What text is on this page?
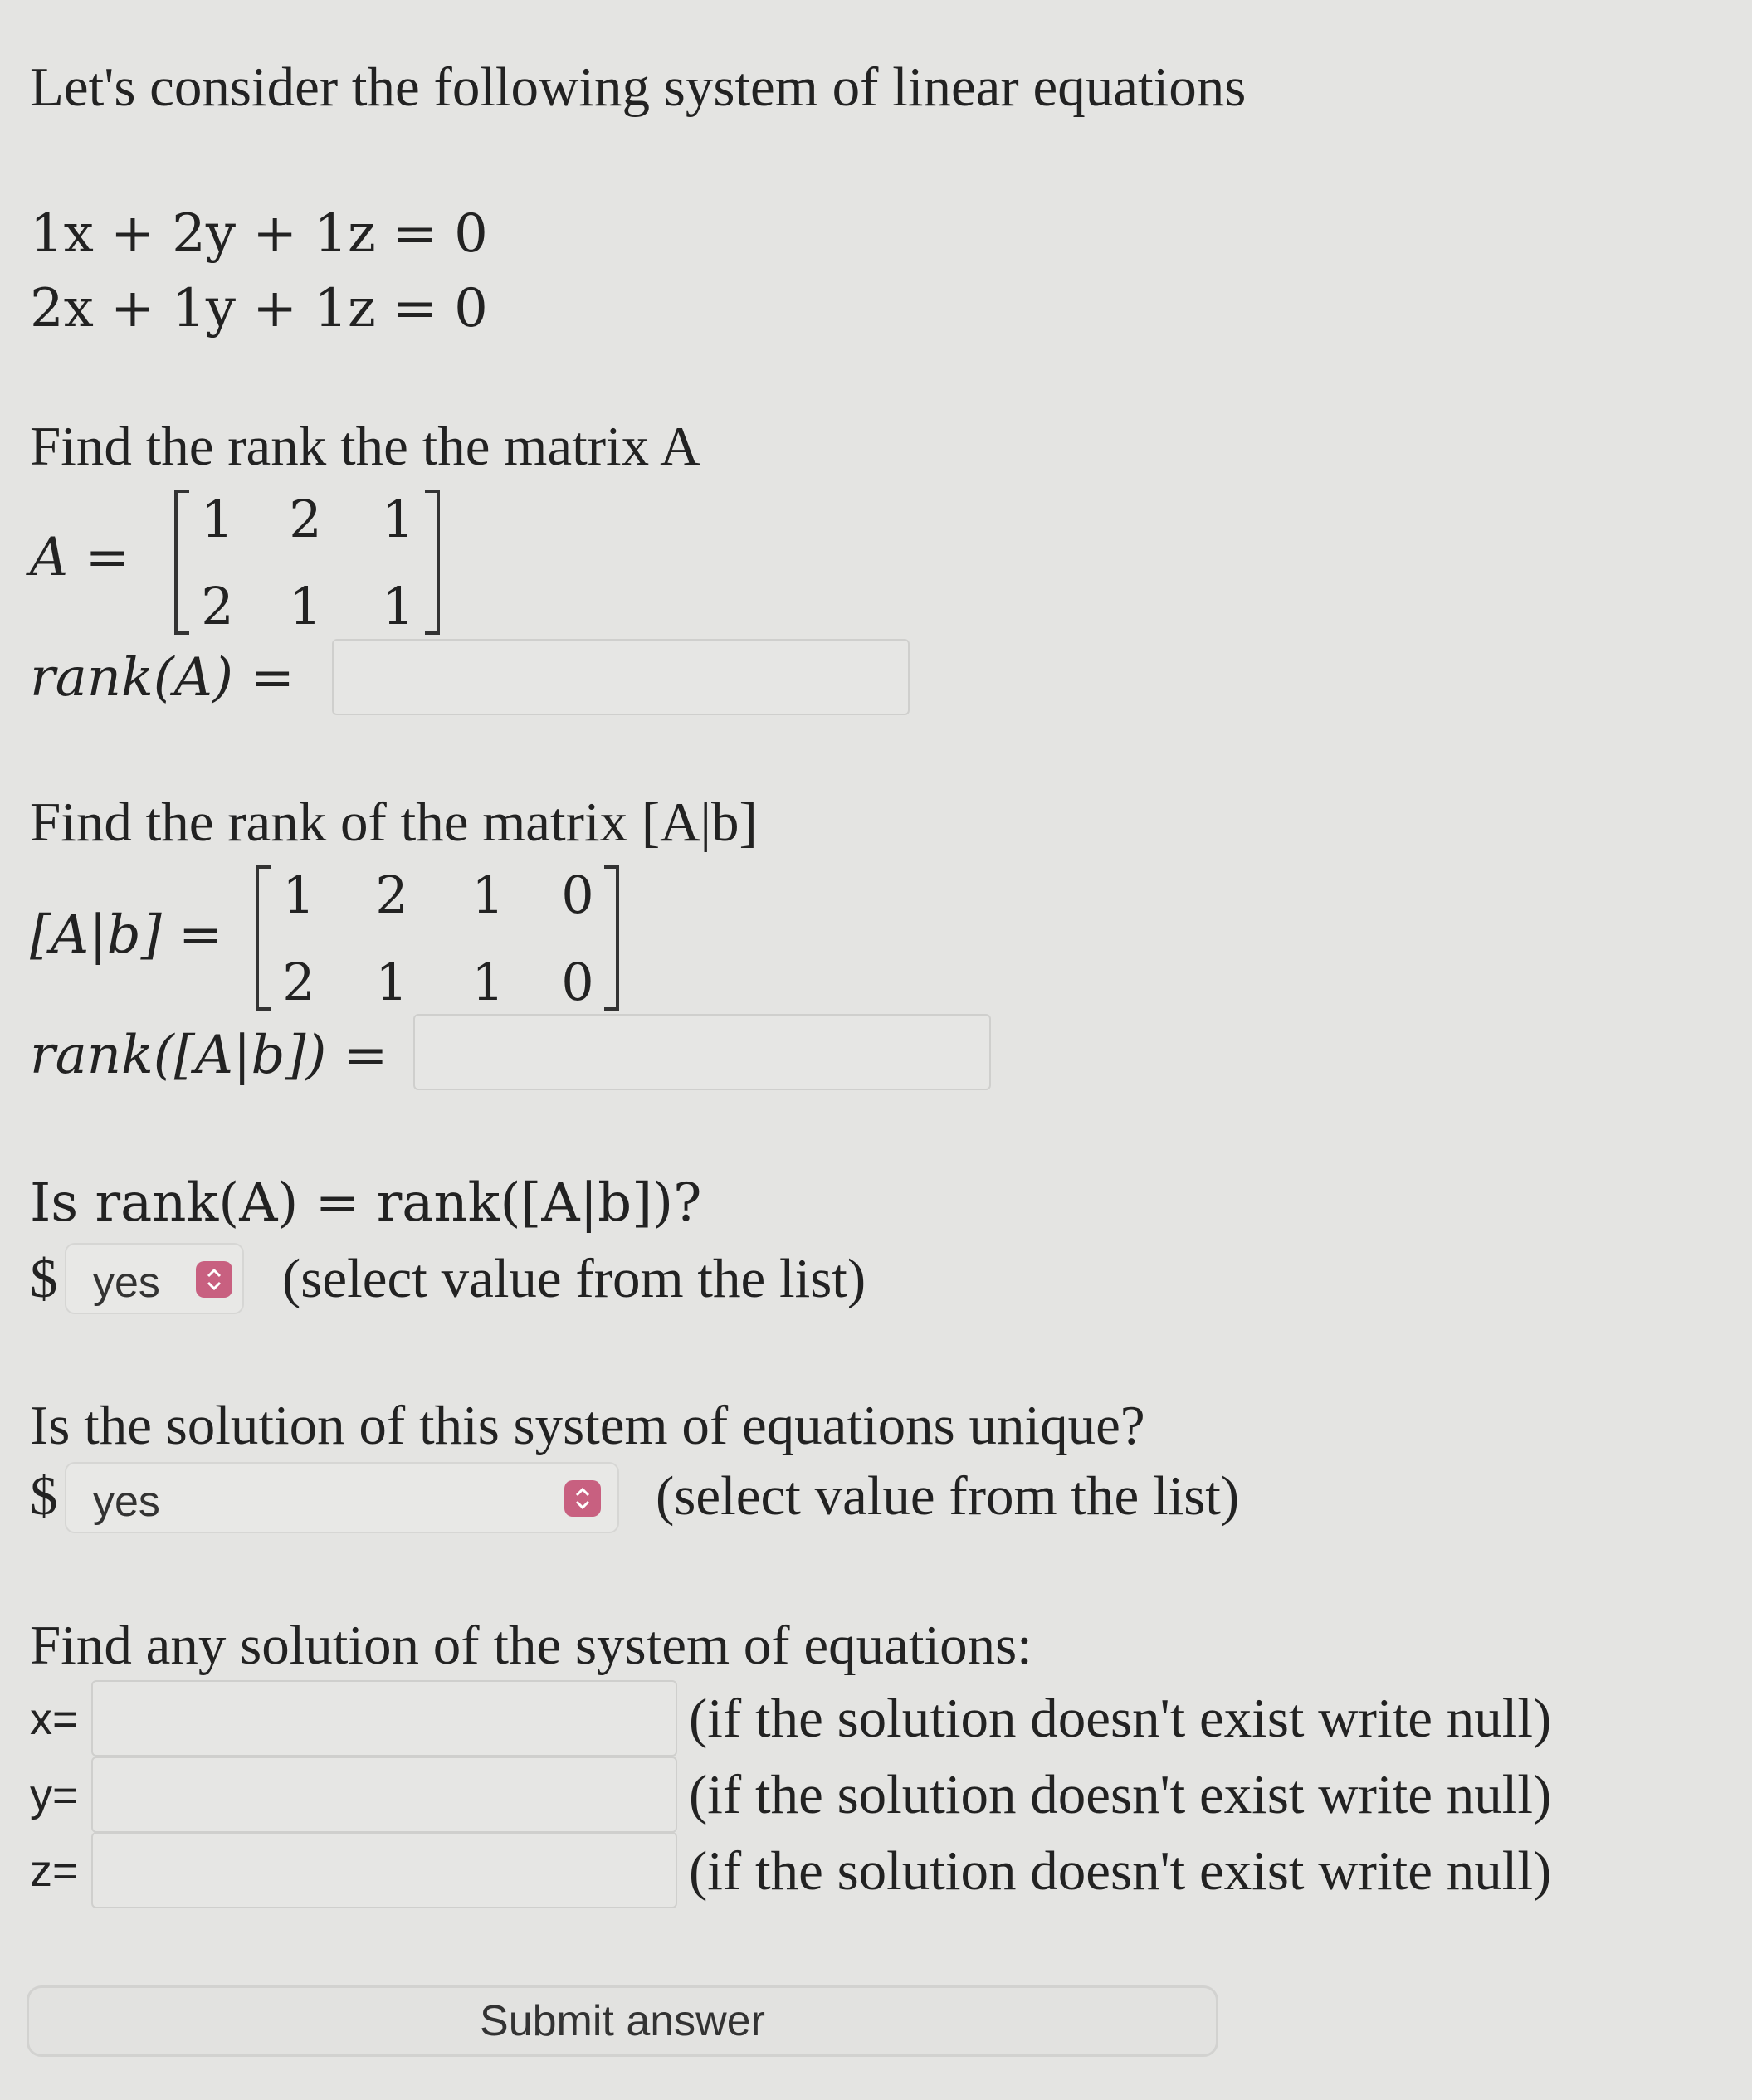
Let's consider the following system of linear equations
1x + 2y + 1z = 0
2x + 1y + 1z = 0
Find the rank the the matrix A
A =
1 2 1
2 1 1
rank(A) =
Find the rank of the matrix [A|b]
[A|b] =
1 2 1 0
2 1 1 0
rank([A|b]) =
Is rank(A) = rank([A|b])?
$ yes (select value from the list)
Is the solution of this system of equations unique?
$ yes	(select value from the list)
Find any solution of the system of equations:
x=	(if the solution doesn't exist write null)
y=	(if the solution doesn't exist write null)
z=	(if the solution doesn't exist write null)
Submit answer
